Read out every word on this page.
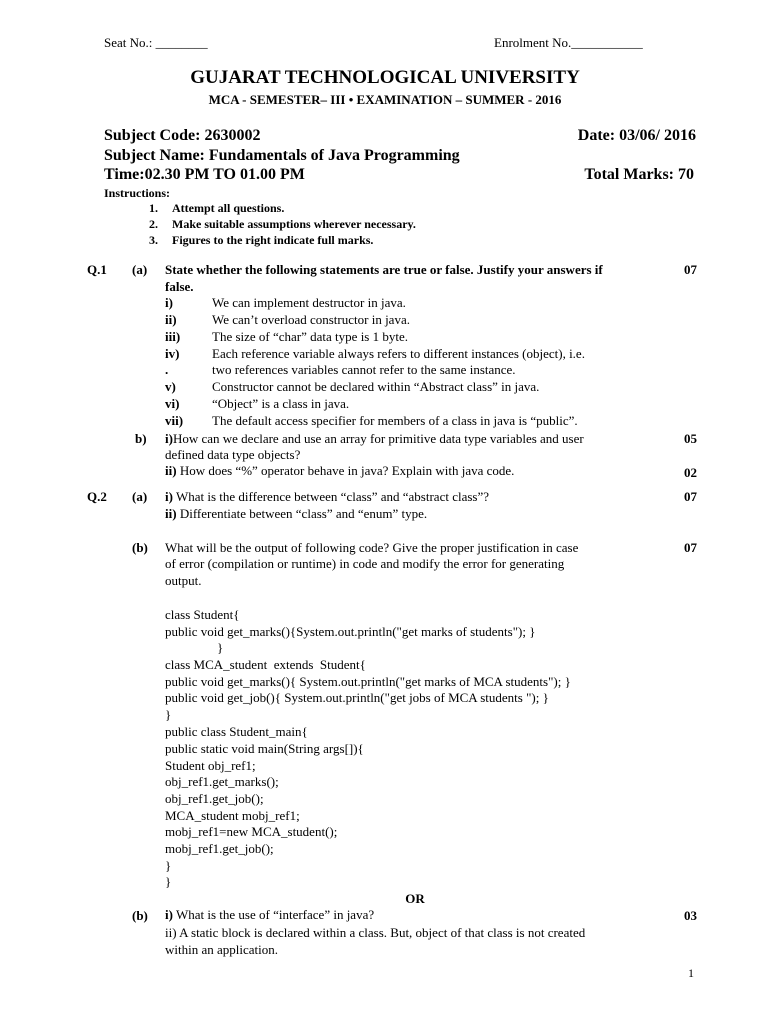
Seat No.: ________	Enrolment No.___________
GUJARAT TECHNOLOGICAL UNIVERSITY
MCA - SEMESTER– III • EXAMINATION – SUMMER - 2016
Subject Code: 2630002	Date: 03/06/ 2016
Subject Name: Fundamentals of Java Programming
Time:02.30 PM TO 01.00 PM	Total Marks: 70
Instructions:
1. Attempt all questions.
2. Make suitable assumptions wherever necessary.
3. Figures to the right indicate full marks.
Q.1 (a) State whether the following statements are true or false. Justify your answers if	07
false.
i)	We can implement destructor in java.
ii)	We can’t overload constructor in java.
iii) The size of “char” data type is 1 byte.
iv)	Each reference variable always refers to different instances (object), i.e.
.	two references variables cannot refer to the same instance.
v)	Constructor cannot be declared within “Abstract class” in java.
vi)	“Object” is a class in java.
vii) The default access specifier for members of a class in java is “public”.
b) i)How can we declare and use an array for primitive data type variables and user	05
defined data type objects?
ii) How does “%” operator behave in java? Explain with java code.	02
Q.2 (a) i) What is the difference between “class” and “abstract class”?	07
ii) Differentiate between “class” and “enum” type.
(b)	07
What will be the output of following code? Give the proper justification in case
of error (compilation or runtime) in code and modify the error for generating
output.
class Student{
public void get_marks(){System.out.println("get marks of students"); }
}
class MCA_student  extends  Student{
public void get_marks(){ System.out.println("get marks of MCA students"); }
public void get_job(){ System.out.println("get jobs of MCA students "); }
}
public class Student_main{
public static void main(String args[]){
Student obj_ref1;
obj_ref1.get_marks();
obj_ref1.get_job();
MCA_student mobj_ref1;
mobj_ref1=new MCA_student();
mobj_ref1.get_job();
}
}
OR
(b) i) What is the use of “interface” in java?	03
ii) A static block is declared within a class. But, object of that class is not created
within an application.
1
